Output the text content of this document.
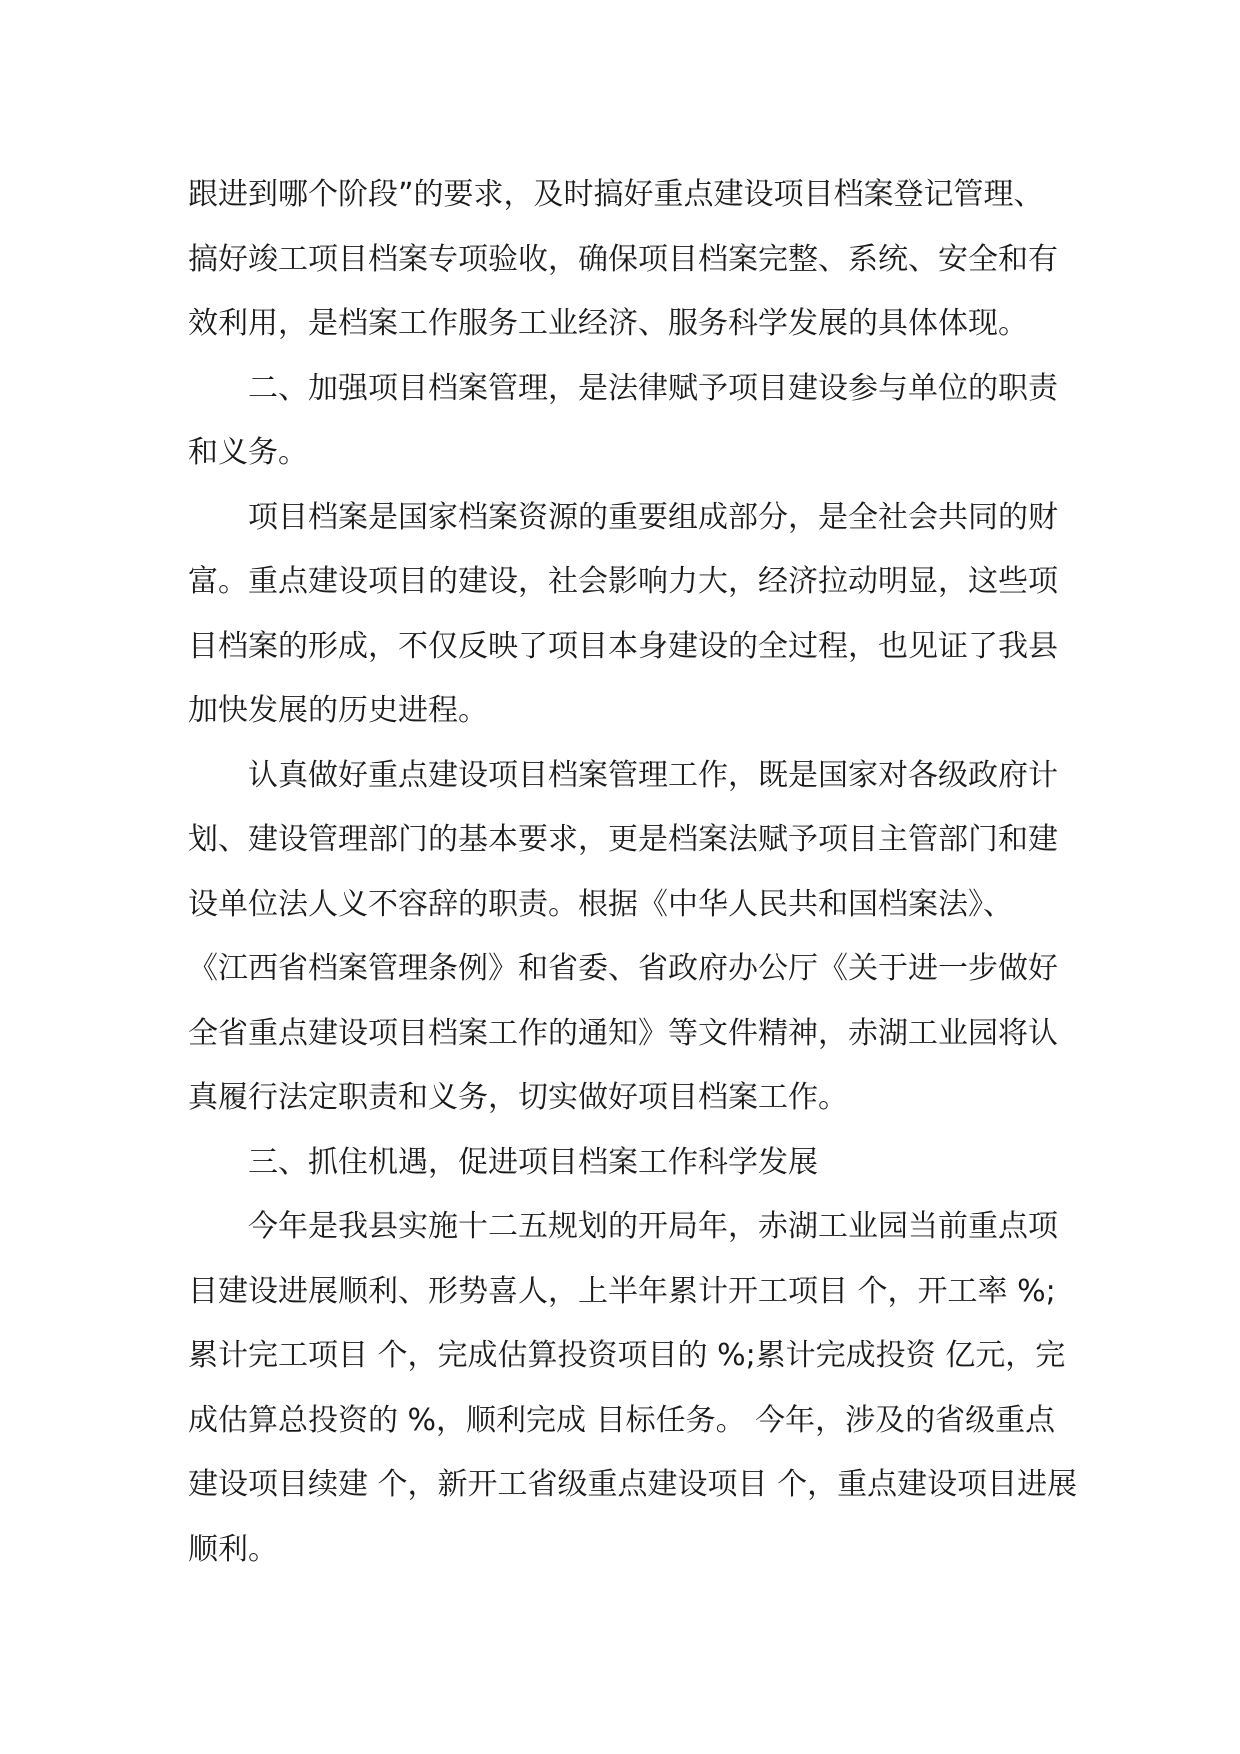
跟进到哪个阶段”的要求，及时搞好重点建设项目档案登记管理、
搞好竣工项目档案专项验收，确保项目档案完整、系统、安全和有
效利用，是档案工作服务工业经济、服务科学发展的具体体现。
二、加强项目档案管理，是法律赋予项目建设参与单位的职责
和义务。
项目档案是国家档案资源的重要组成部分，是全社会共同的财
富。重点建设项目的建设，社会影响力大，经济拉动明显，这些项
目档案的形成，不仅反映了项目本身建设的全过程，也见证了我县
加快发展的历史进程。
认真做好重点建设项目档案管理工作，既是国家对各级政府计
划、建设管理部门的基本要求，更是档案法赋予项目主管部门和建
设单位法人义不容辞的职责。根据《中华人民共和国档案法》、
《江西省档案管理条例》和省委、省政府办公厅《关于进一步做好
全省重点建设项目档案工作的通知》等文件精神，赤湖工业园将认
真履行法定职责和义务，切实做好项目档案工作。
三、抓住机遇，促进项目档案工作科学发展
今年是我县实施十二五规划的开局年，赤湖工业园当前重点项
目建设进展顺利、形势喜人，上半年累计开工项目 个，开工率 %;
累计完工项目 个，完成估算投资项目的 %;累计完成投资 亿元，完
成估算总投资的 %，顺利完成 目标任务。 今年，涉及的省级重点
建设项目续建 个，新开工省级重点建设项目 个，重点建设项目进展
顺利。
